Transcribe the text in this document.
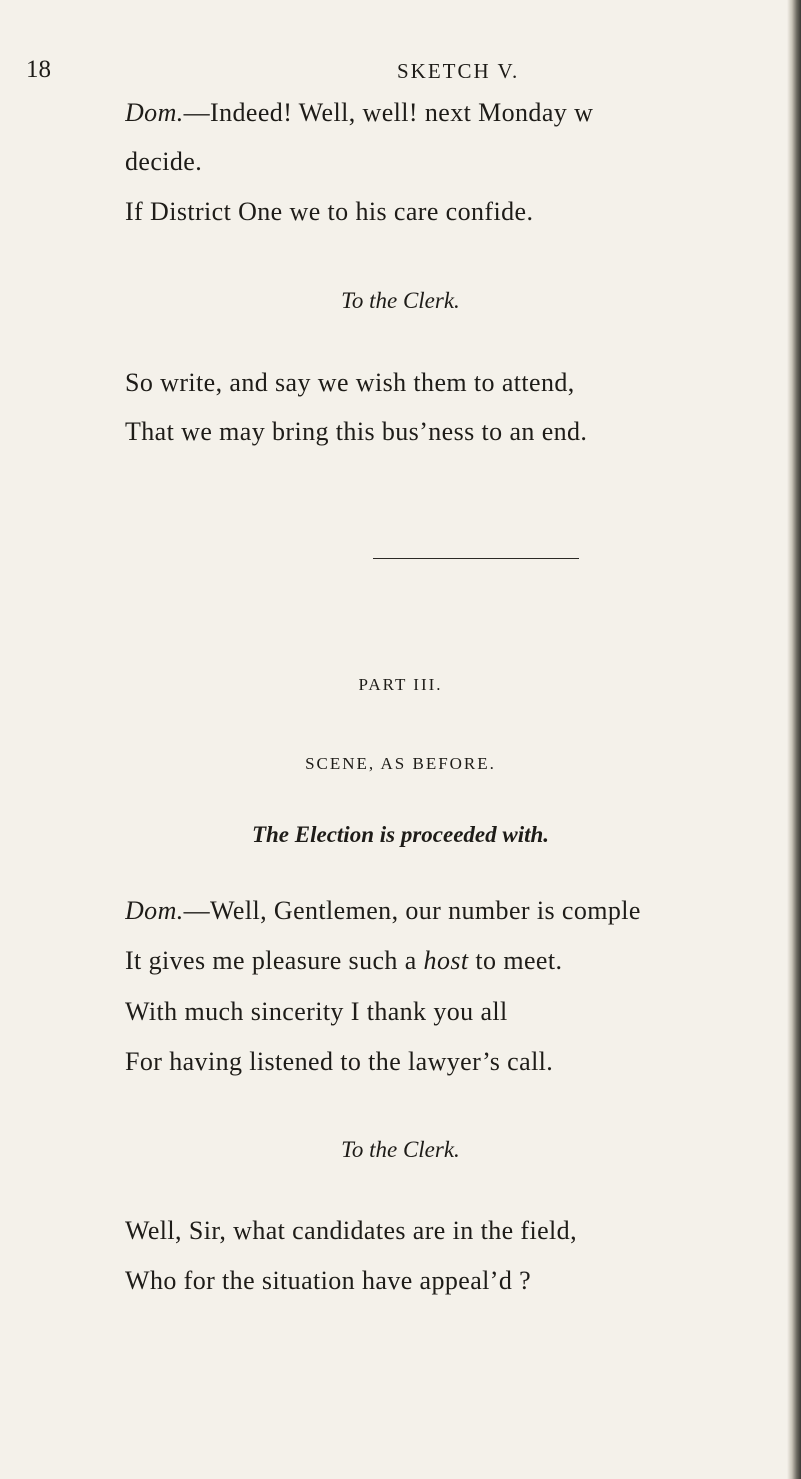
18	SKETCH V.
Dom.—Indeed! Well, well! next Monday w
decide.
If District One we to his care confide.
To the Clerk.
So write, and say we wish them to attend,
That we may bring this bus’ness to an end.
PART III.
SCENE, AS BEFORE.
The Election is proceeded with.
Dom.—Well, Gentlemen, our number is comple
It gives me pleasure such a host to meet.
With much sincerity I thank you all
For having listened to the lawyer’s call.
To the Clerk.
Well, Sir, what candidates are in the field,
Who for the situation have appeal’d ?
